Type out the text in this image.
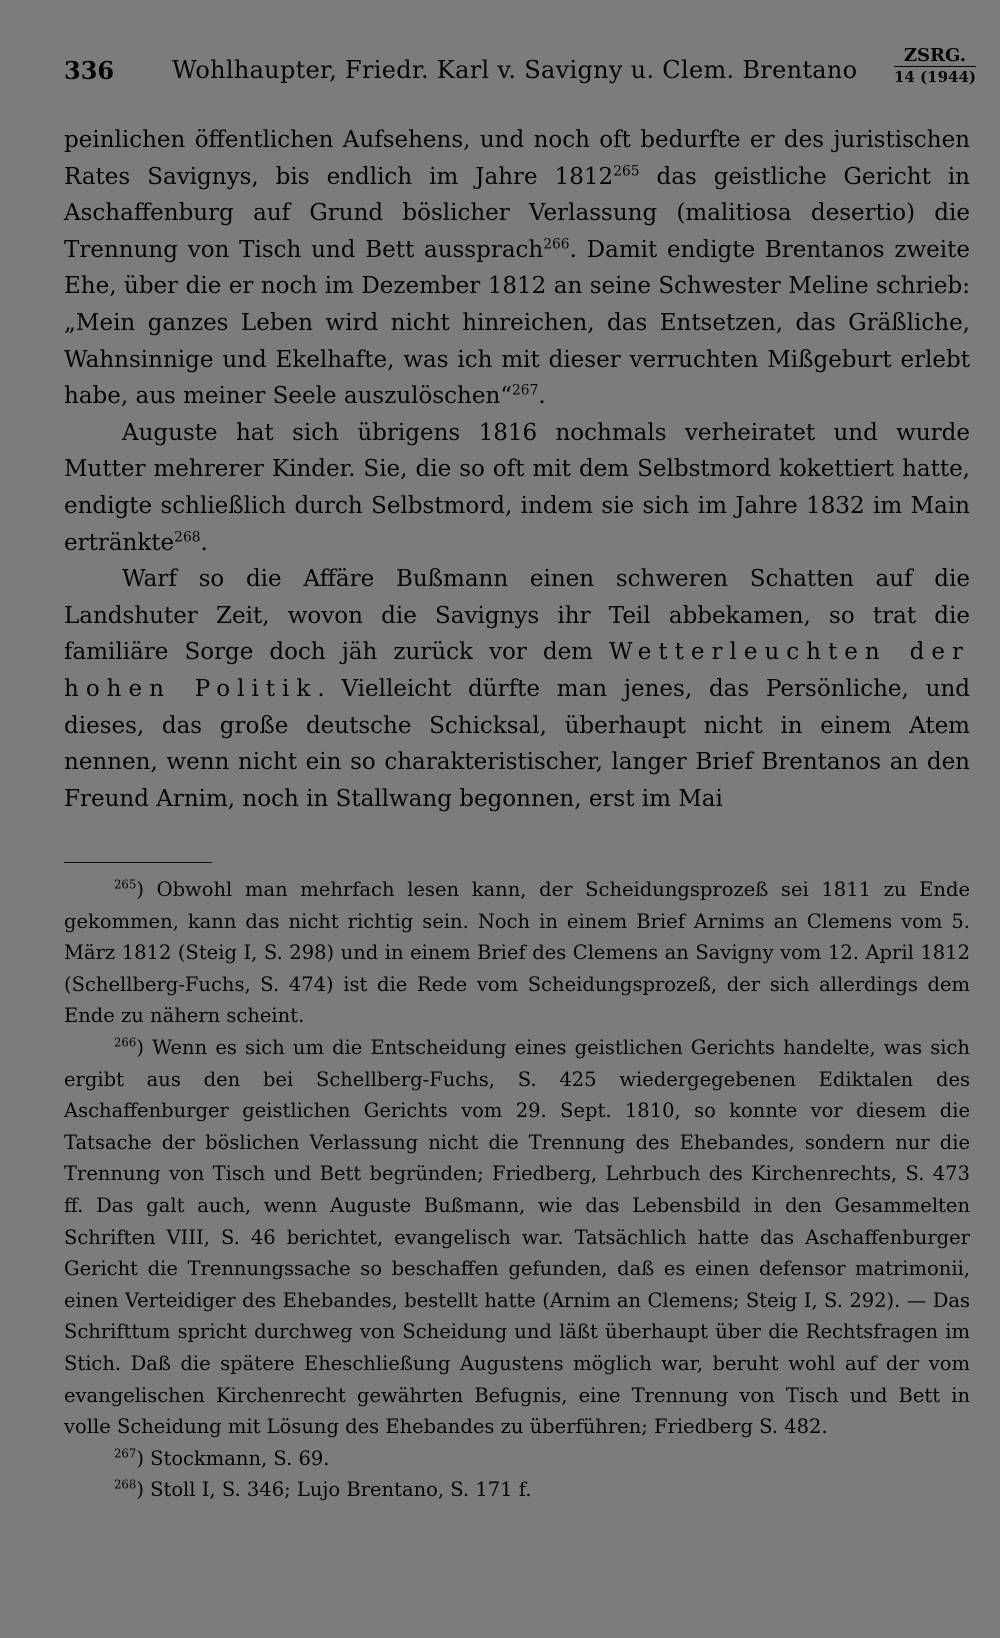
336 Wohlhaupter, Friedr. Karl v. Savigny u. Clem. Brentano
ZSRG.
14 (1944)

peinlichen öffentlichen Aufsehens, und noch oft bedurfte er des juristischen Rates Savignys, bis endlich im Jahre 1812$^{265}$ das geistliche Gericht in Aschaffenburg auf Grund böslicher Verlassung (malitiosa desertio) die Trennung von Tisch und Bett aussprach$^{266}$. Damit endigte Brentanos zweite Ehe, über die er noch im Dezember 1812 an seine Schwester Meline schrieb: „Mein ganzes Leben wird nicht hinreichen, das Entsetzen, das Gräßliche, Wahnsinnige und Ekelhafte, was ich mit dieser verruchten Mißgeburt erlebt habe, aus meiner Seele auszulöschen“$^{267}$.

Auguste hat sich übrigens 1816 nochmals verheiratet und wurde Mutter mehrerer Kinder. Sie, die so oft mit dem Selbstmord kokettiert hatte, endigte schließlich durch Selbstmord, indem sie sich im Jahre 1832 im Main ertränkte$^{268}$.

Warf so die Affäre Bußmann einen schweren Schatten auf die Landshuter Zeit, wovon die Savignys ihr Teil abbekamen, so trat die familiäre Sorge doch jäh zurück vor dem Wetterleuchten der hohen Politik. Vielleicht dürfte man jenes, das Persönliche, und dieses, das große deutsche Schicksal, überhaupt nicht in einem Atem nennen, wenn nicht ein so charakteristischer, langer Brief Brentanos an den Freund Arnim, noch in Stallwang begonnen, erst im Mai

$^{265}$) Obwohl man mehrfach lesen kann, der Scheidungsprozeß sei 1811 zu Ende gekommen, kann das nicht richtig sein. Noch in einem Brief Arnims an Clemens vom 5. März 1812 (Steig I, S. 298) und in einem Brief des Clemens an Savigny vom 12. April 1812 (Schellberg-Fuchs, S. 474) ist die Rede vom Scheidungsprozeß, der sich allerdings dem Ende zu nähern scheint.

$^{266}$) Wenn es sich um die Entscheidung eines geistlichen Gerichts handelte, was sich ergibt aus den bei Schellberg-Fuchs, S. 425 wiedergegebenen Ediktalen des Aschaffenburger geistlichen Gerichts vom 29. Sept. 1810, so konnte vor diesem die Tatsache der böslichen Verlassung nicht die Trennung des Ehebandes, sondern nur die Trennung von Tisch und Bett begründen; Friedberg, Lehrbuch des Kirchenrechts, S. 473 ff. Das galt auch, wenn Auguste Bußmann, wie das Lebensbild in den Gesammelten Schriften VIII, S. 46 berichtet, evangelisch war. Tatsächlich hatte das Aschaffenburger Gericht die Trennungssache so beschaffen gefunden, daß es einen defensor matrimonii, einen Verteidiger des Ehebandes, bestellt hatte (Arnim an Clemens; Steig I, S. 292). — Das Schrifttum spricht durchweg von Scheidung und läßt überhaupt über die Rechtsfragen im Stich. Daß die spätere Eheschließung Augustens möglich war, beruht wohl auf der vom evangelischen Kirchenrecht gewährten Befugnis, eine Trennung von Tisch und Bett in volle Scheidung mit Lösung des Ehebandes zu überführen; Friedberg S. 482.

$^{267}$) Stockmann, S. 69.

$^{268}$) Stoll I, S. 346; Lujo Brentano, S. 171 f.
